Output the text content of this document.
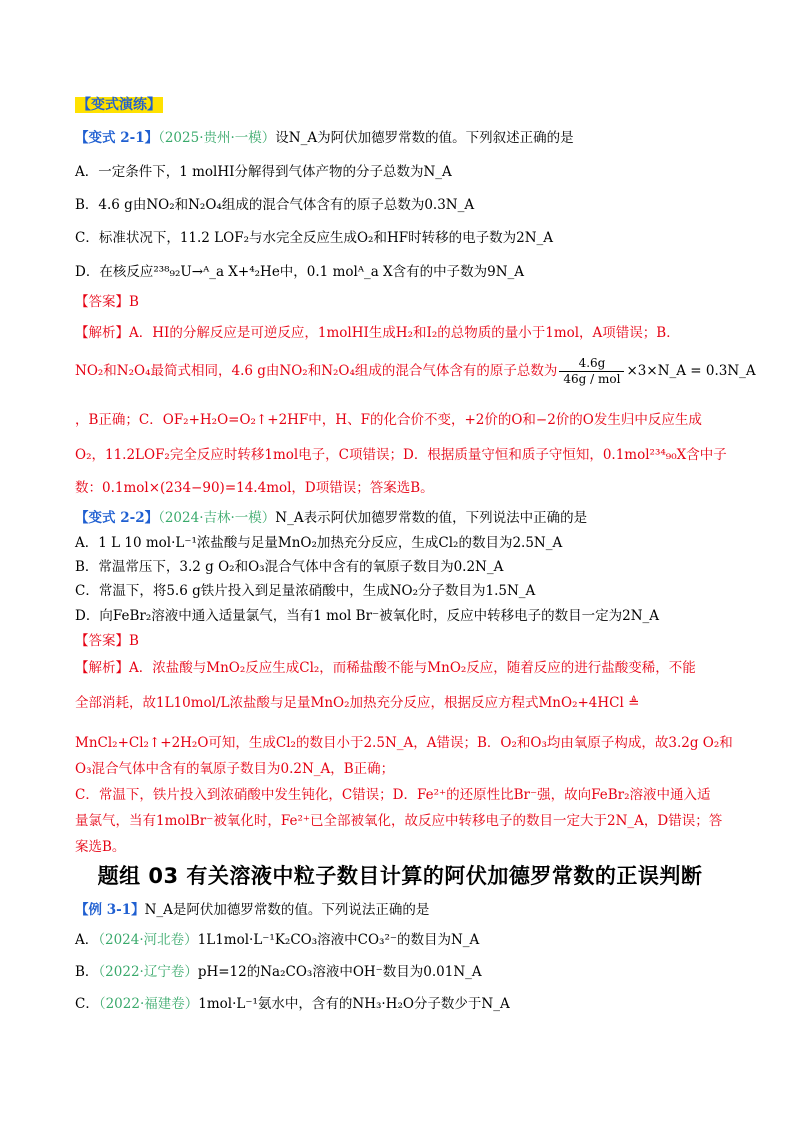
【变式演练】
【变式 2-1】（2025·贵州·一模）设N_A为阿伏加德罗常数的值。下列叙述正确的是
A．一定条件下，1 molHI分解得到气体产物的分子总数为N_A
B．4.6 g由NO₂和N₂O₄组成的混合气体含有的原子总数为0.3N_A
C．标准状况下，11.2 LOF₂与水完全反应生成O₂和HF时转移的电子数为2N_A
D．在核反应²³⁸₉₂U→ᴬ_a X+⁴₂He中，0.1 molᴬ_a X含有的中子数为9N_A
【答案】B
【解析】A．HI的分解反应是可逆反应，1molHI生成H₂和I₂的总物质的量小于1mol，A项错误；B．
NO₂和N₂O₄最简式相同，4.6 g由NO₂和N₂O₄组成的混合气体含有的原子总数为	4.6g
46g / mol ×3×N_A = 0.3N_A
，B正确；C．OF₂+H₂O=O₂↑+2HF中，H、F的化合价不变，+2价的O和−2价的O发生归中反应生成
O₂，11.2LOF₂完全反应时转移1mol电子，C项错误；D．根据质量守恒和质子守恒知，0.1mol²³⁴₉₀X含中子
数：0.1mol×(234−90)=14.4mol，D项错误；答案选B。
【变式 2-2】（2024·吉林·一模）N_A表示阿伏加德罗常数的值，下列说法中正确的是
A．1 L 10 mol·L⁻¹浓盐酸与足量MnO₂加热充分反应，生成Cl₂的数目为2.5N_A
B．常温常压下，3.2 g O₂和O₃混合气体中含有的氧原子数目为0.2N_A
C．常温下，将5.6 g铁片投入到足量浓硝酸中，生成NO₂分子数目为1.5N_A
D．向FeBr₂溶液中通入适量氯气，当有1 mol Br⁻被氧化时，反应中转移电子的数目一定为2N_A
【答案】B
【解析】A．浓盐酸与MnO₂反应生成Cl₂，而稀盐酸不能与MnO₂反应，随着反应的进行盐酸变稀，不能
全部消耗，故1L10mol/L浓盐酸与足量MnO₂加热充分反应，根据反应方程式MnO₂+4HCl ≜
MnCl₂+Cl₂↑+2H₂O可知，生成Cl₂的数目小于2.5N_A，A错误；B．O₂和O₃均由氧原子构成，故3.2g O₂和
O₃混合气体中含有的氧原子数目为0.2N_A，B正确；
C．常温下，铁片投入到浓硝酸中发生钝化，C错误；D．Fe²⁺的还原性比Br⁻强，故向FeBr₂溶液中通入适
量氯气，当有1molBr⁻被氧化时，Fe²⁺已全部被氧化，故反应中转移电子的数目一定大于2N_A，D错误；答
案选B。
题组 03 有关溶液中粒子数目计算的阿伏加德罗常数的正误判断
【例 3-1】N_A是阿伏加德罗常数的值。下列说法正确的是
A．（2024·河北卷）1L1mol·L⁻¹K₂CO₃溶液中CO₃²⁻的数目为N_A
B．（2022·辽宁卷）pH=12的Na₂CO₃溶液中OH⁻数目为0.01N_A
C．（2022·福建卷）1mol·L⁻¹氨水中，含有的NH₃·H₂O分子数少于N_A
